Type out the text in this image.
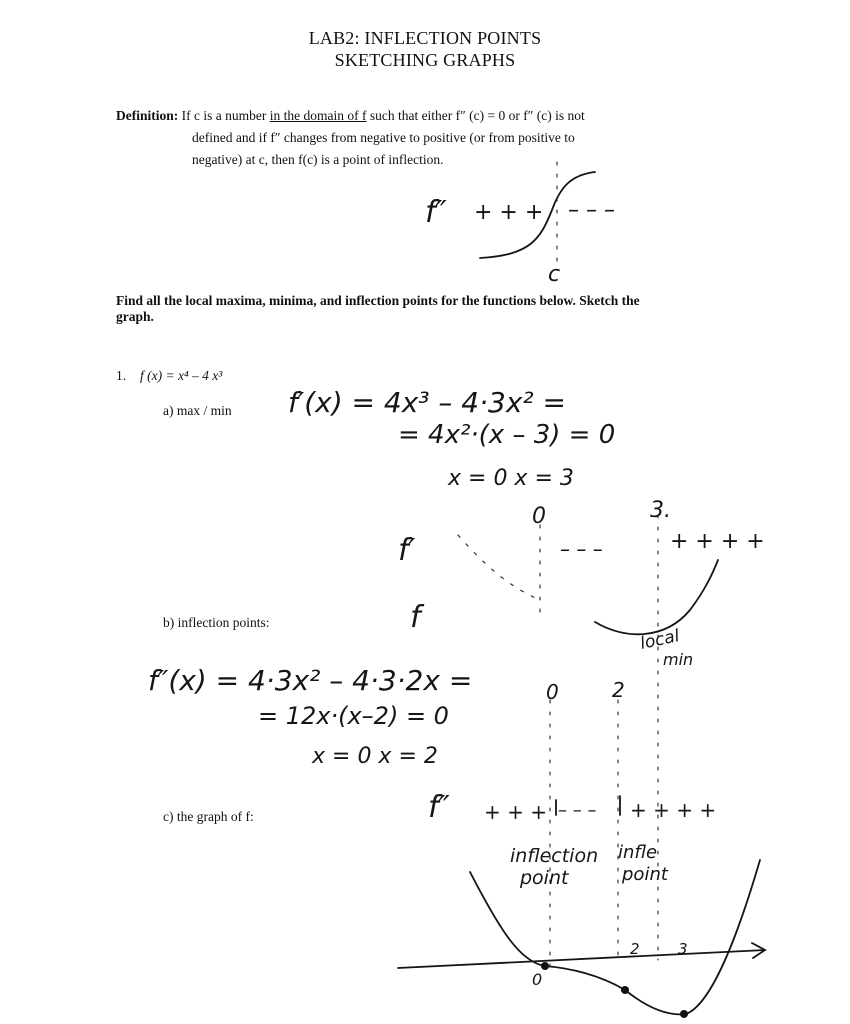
LAB2: INFLECTION POINTS
SKETCHING GRAPHS
Definition: If c is a number in the domain of f such that either f″ (c) = 0 or f″ (c) is not
defined and if f″ changes from negative to positive (or from positive to
negative) at c, then f(c) is a point of inflection.
f″ + + + – – –
c
Find all the local maxima, minima, and inflection points for the functions below. Sketch the
graph.
1. f (x) = x⁴ – 4 x³
a) max / min
b) inflection points:
c) the graph of f:
f′(x) = 4x³ – 4·3x² =
= 4x²·(x – 3) = 0
x = 0 x = 3
0	3.
f′	– – –	+ + + +
f
local
min
f″(x) = 4·3x² – 4·3·2x =
= 12x·(x–2) = 0
x = 0 x = 2
0	2
f″ + + + – – – + + + +
inflection
point
infle
point
2	3
0
